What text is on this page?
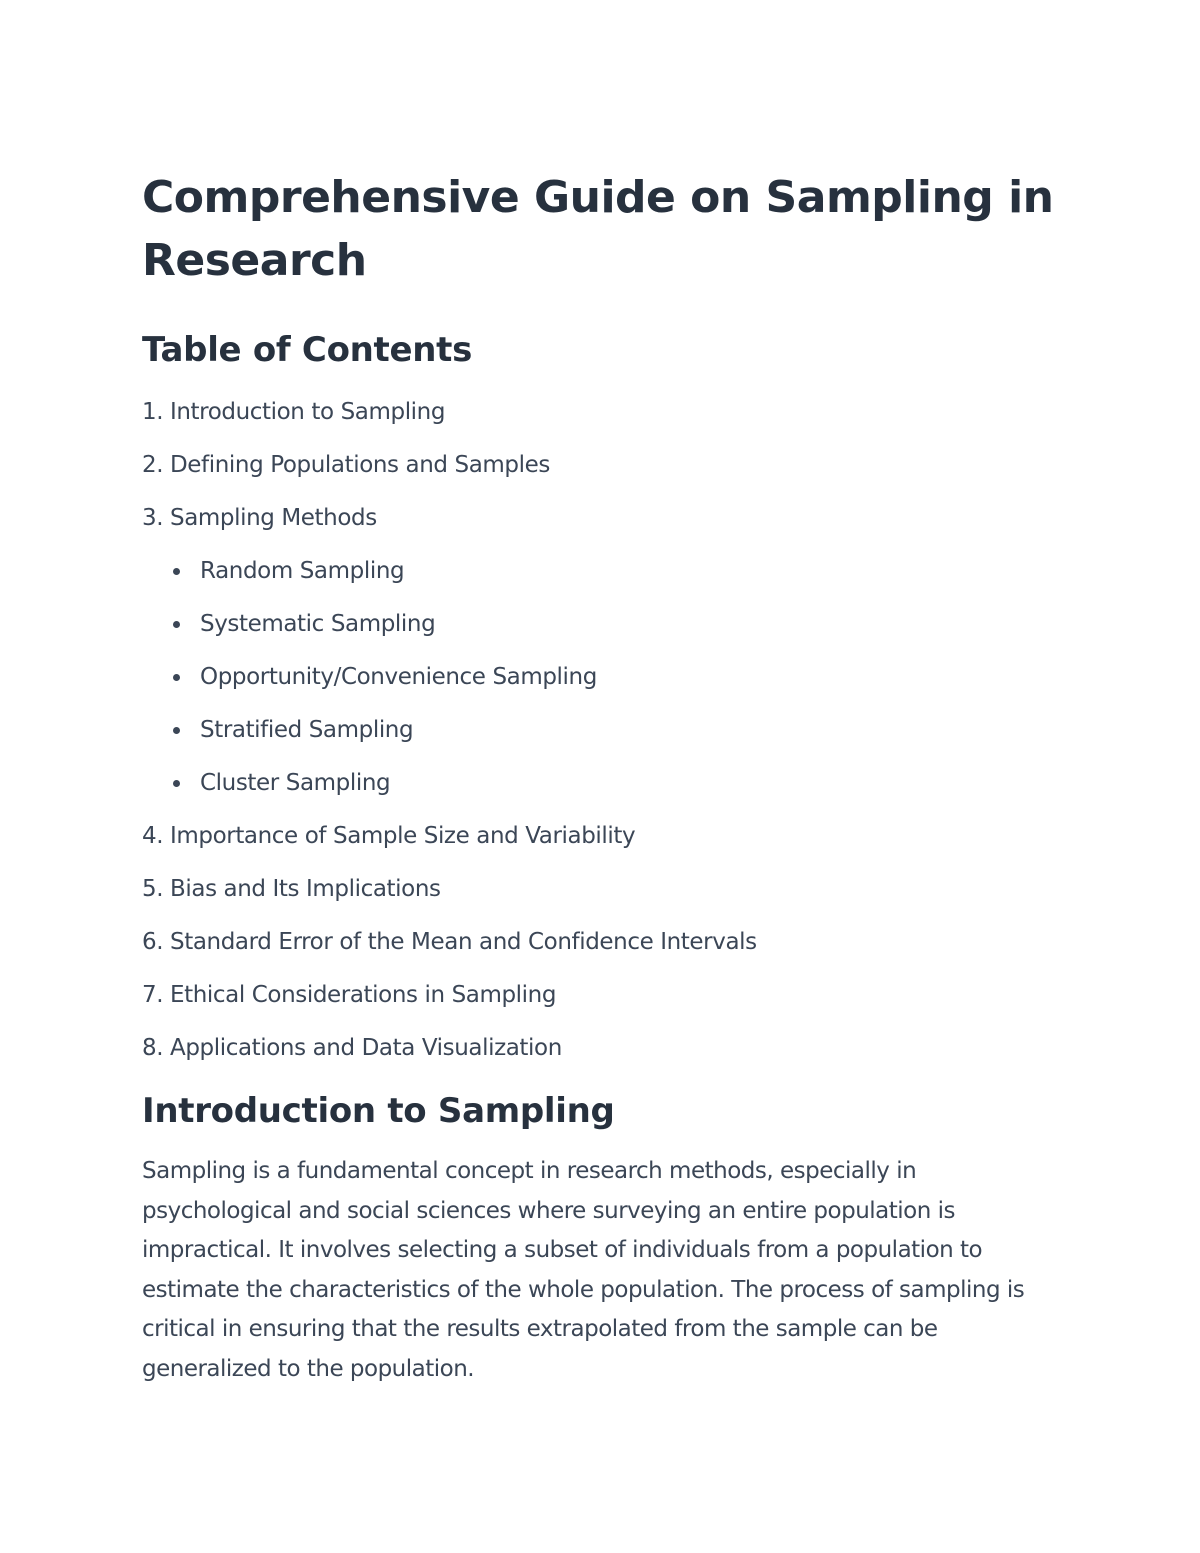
Comprehensive Guide on Sampling in Research
Table of Contents
1. Introduction to Sampling
2. Defining Populations and Samples
3. Sampling Methods
Random Sampling
Systematic Sampling
Opportunity/Convenience Sampling
Stratified Sampling
Cluster Sampling
4. Importance of Sample Size and Variability
5. Bias and Its Implications
6. Standard Error of the Mean and Confidence Intervals
7. Ethical Considerations in Sampling
8. Applications and Data Visualization
Introduction to Sampling

Sampling is a fundamental concept in research methods, especially in psychological and social sciences where surveying an entire population is impractical. It involves selecting a subset of individuals from a population to estimate the characteristics of the whole population. The process of sampling is critical in ensuring that the results extrapolated from the sample can be generalized to the population.
